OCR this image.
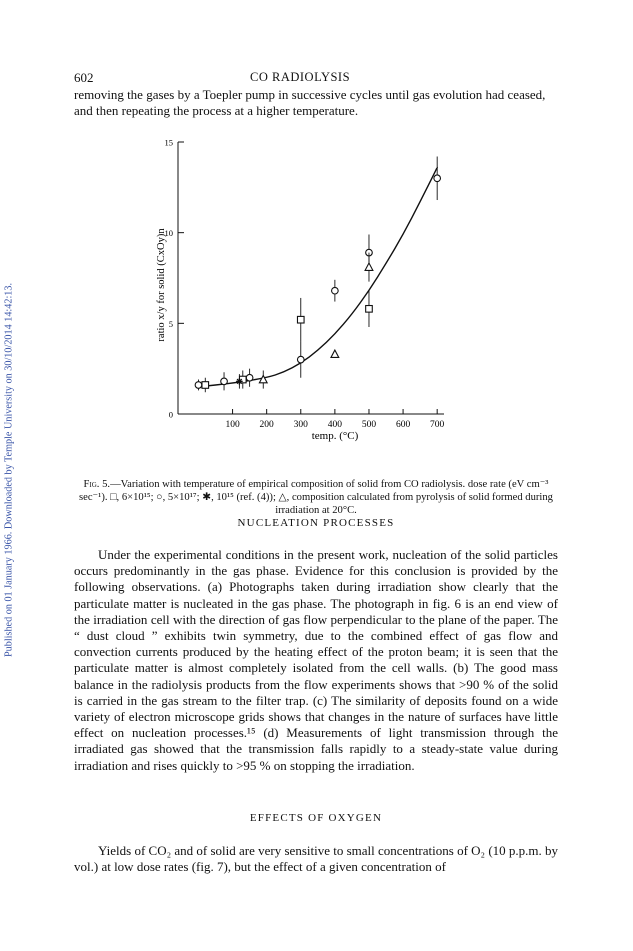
Published on 01 January 1966. Downloaded by Temple University on 30/10/2014 14:42:13.
602	CO RADIOLYSIS
removing the gases by a Toepler pump in successive cycles until gas evolution had ceased, and then repeating the process at a higher temperature.
100 200 300 400 500 600 700
0
5
10
15
temp. (°C)
ratio x/y for solid (CxOy)n
Fig. 5.—Variation with temperature of empirical composition of solid from CO radiolysis. dose rate (eV cm⁻³ sec⁻¹). □, 6×10¹⁵; ○, 5×10¹⁷; ✱, 10¹⁵ (ref. (4)); △, composition calculated from pyrolysis of solid formed during irradiation at 20°C.
NUCLEATION PROCESSES
Under the experimental conditions in the present work, nucleation of the solid particles occurs predominantly in the gas phase. Evidence for this conclusion is provided by the following observations. (a) Photographs taken during irradiation show clearly that the particulate matter is nucleated in the gas phase. The photograph in fig. 6 is an end view of the irradiation cell with the direction of gas flow perpendicular to the plane of the paper. The “ dust cloud ” exhibits twin symmetry, due to the combined effect of gas flow and convection currents produced by the heating effect of the proton beam; it is seen that the particulate matter is almost completely isolated from the cell walls. (b) The good mass balance in the radiolysis products from the flow experiments shows that >90 % of the solid is carried in the gas stream to the filter trap. (c) The similarity of deposits found on a wide variety of electron microscope grids shows that changes in the nature of surfaces have little effect on nucleation processes.¹⁵ (d) Measurements of light transmission through the irradiated gas showed that the transmission falls rapidly to a steady-state value during irradiation and rises quickly to >95 % on stopping the irradiation.
EFFECTS OF OXYGEN
Yields of CO₂ and of solid are very sensitive to small concentrations of O₂ (10 p.p.m. by vol.) at low dose rates (fig. 7), but the effect of a given concentration of
